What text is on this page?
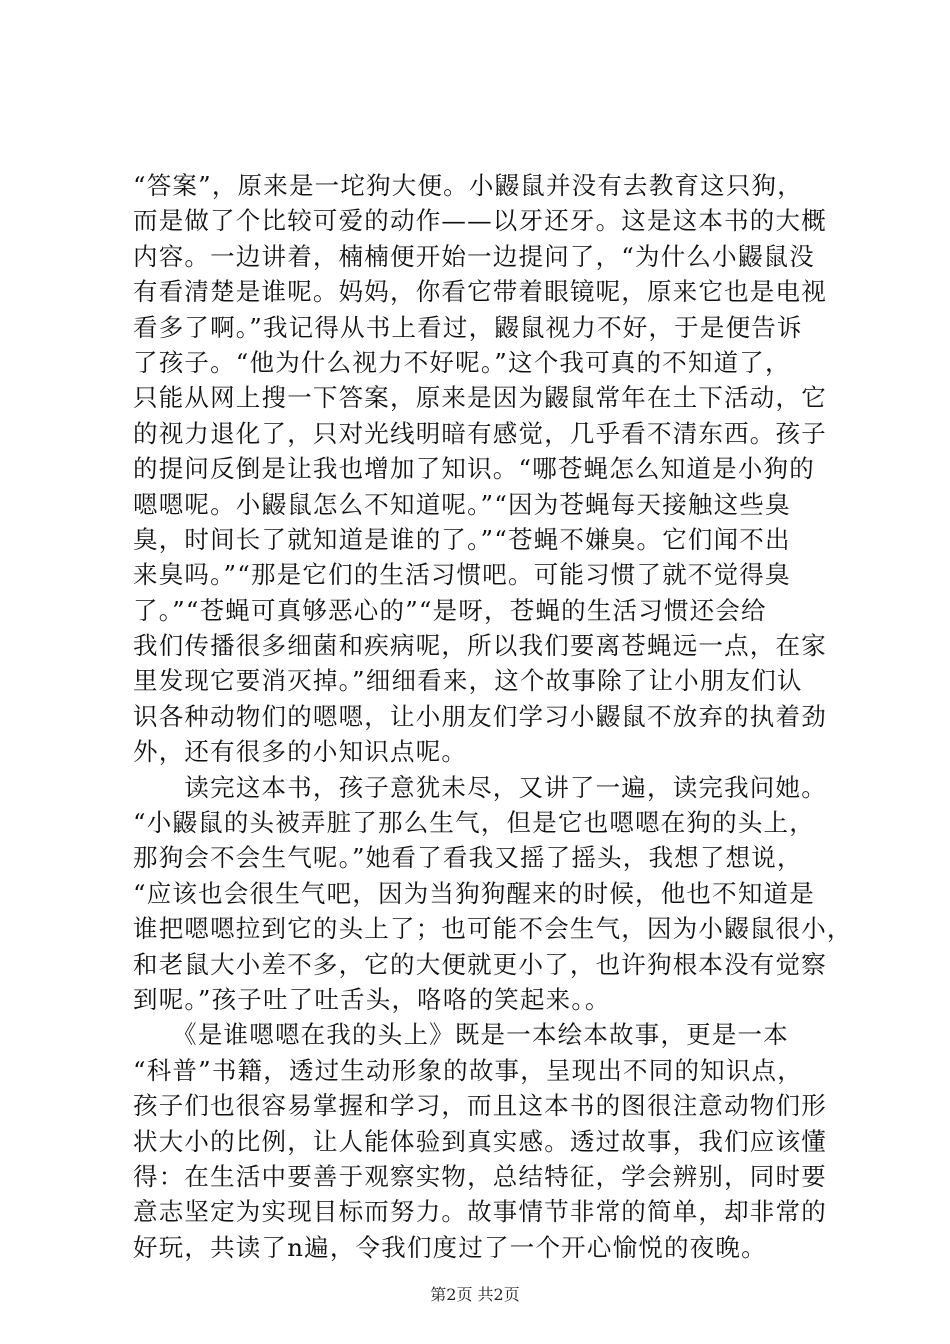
“答案”，原来是一坨狗大便。小鼹鼠并没有去教育这只狗，
而是做了个比较可爱的动作——以牙还牙。这是这本书的大概
内容。一边讲着，楠楠便开始一边提问了，“为什么小鼹鼠没
有看清楚是谁呢。妈妈，你看它带着眼镜呢，原来它也是电视
看多了啊。”我记得从书上看过，鼹鼠视力不好，于是便告诉
了孩子。“他为什么视力不好呢。”这个我可真的不知道了，
只能从网上搜一下答案，原来是因为鼹鼠常年在土下活动，它
的视力退化了，只对光线明暗有感觉，几乎看不清东西。孩子
的提问反倒是让我也增加了知识。“哪苍蝇怎么知道是小狗的
嗯嗯呢。小鼹鼠怎么不知道呢。”“因为苍蝇每天接触这些臭
臭，时间长了就知道是谁的了。”“苍蝇不嫌臭。它们闻不出
来臭吗。”“那是它们的生活习惯吧。可能习惯了就不觉得臭
了。”“苍蝇可真够恶心的”“是呀，苍蝇的生活习惯还会给
我们传播很多细菌和疾病呢，所以我们要离苍蝇远一点，在家
里发现它要消灭掉。”细细看来，这个故事除了让小朋友们认
识各种动物们的嗯嗯，让小朋友们学习小鼹鼠不放弃的执着劲
外，还有很多的小知识点呢。
　　读完这本书，孩子意犹未尽，又讲了一遍，读完我问她。
“小鼹鼠的头被弄脏了那么生气，但是它也嗯嗯在狗的头上，
那狗会不会生气呢。”她看了看我又摇了摇头，我想了想说，
“应该也会很生气吧，因为当狗狗醒来的时候，他也不知道是
谁把嗯嗯拉到它的头上了；也可能不会生气，因为小鼹鼠很小，
和老鼠大小差不多，它的大便就更小了，也许狗根本没有觉察
到呢。”孩子吐了吐舌头，咯咯的笑起来。。
　　《是谁嗯嗯在我的头上》既是一本绘本故事，更是一本
“科普”书籍，透过生动形象的故事，呈现出不同的知识点，
孩子们也很容易掌握和学习，而且这本书的图很注意动物们形
状大小的比例，让人能体验到真实感。透过故事，我们应该懂
得：在生活中要善于观察实物，总结特征，学会辨别，同时要
意志坚定为实现目标而努力。故事情节非常的简单，却非常的
好玩，共读了n遍，令我们度过了一个开心愉悦的夜晚。
第2页 共2页
